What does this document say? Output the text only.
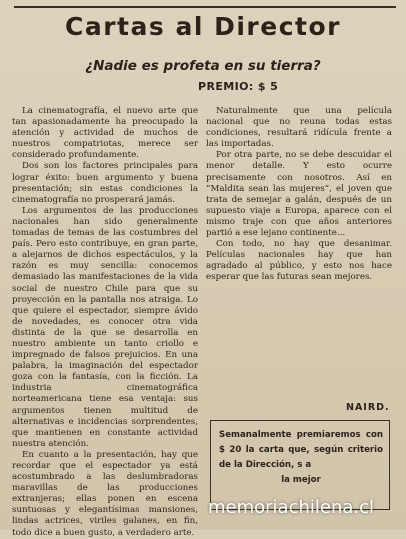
Cartas al Director
¿Nadie es profeta en su tierra?
PREMIO: $ 5

La cinematografía, el nuevo arte que tan apasionadamente ha preocupado la atención y actividad de muchos de nuestros compatriotas, merece ser considerado profundamente.

Dos son los factores principales para lograr éxito: buen argumento y buena presentación; sin estas condiciones la cinematografía no prosperará jamás.

Los argumentos de las producciones nacionales han sido generalmente tomadas de temas de las costumbres del país. Pero esto contribuye, en gran parte, a alejarnos de dichos espectáculos, y la razón es muy sencilla: conocemos demasiado las manifestaciones de la vida social de nuestro Chile para que su proyección en la pantalla nos atraiga. Lo que quiere el espectador, siempre ávido de novedades, es conocer otra vida distinta de la que se desarrolla en nuestro ambiente un tanto criollo e impregnado de falsos prejuicios. En una palabra, la imaginación del espectador goza con la fantasía, con la ficción. La industria cinematográfica norteamericana tiene esa ventaja: sus argumentos tienen multitud de alternativas e incidencias sorprendentes, que mantienen en constante actividad nuestra atención.

En cuanto a la presentación, hay que recordar que el espectador ya está acostumbrado a las deslumbradoras maravillas de las producciones extranjeras; ellas ponen en escena suntuosas y elegantísimas mansiones, lindas actrices, viriles galanes, en fin, todo dice a buen gusto, a verdadero arte.

Naturalmente que una película nacional que no reuna todas estas condiciones, resultará ridícula frente a las importadas.

Por otra parte, no se debe descuidar el menor detalle. Y esto ocurre precisamente con nosotros. Así en “Maldita sean las mujeres”, el joven que trata de semejar a galán, después de un supuesto viaje a Europa, aparece con el mismo traje con que años anteriores partió a ese lejano continente...

Con todo, no hay que desanimar. Películas nacionales hay que han agradado al público, y esto nos hace esperar que las futuras sean mejores.

NAIRD.
Semanalmente premiaremos con $ 20 la carta que, según criterio de la Dirección, s a
la mejor
memoriachilena.cl
